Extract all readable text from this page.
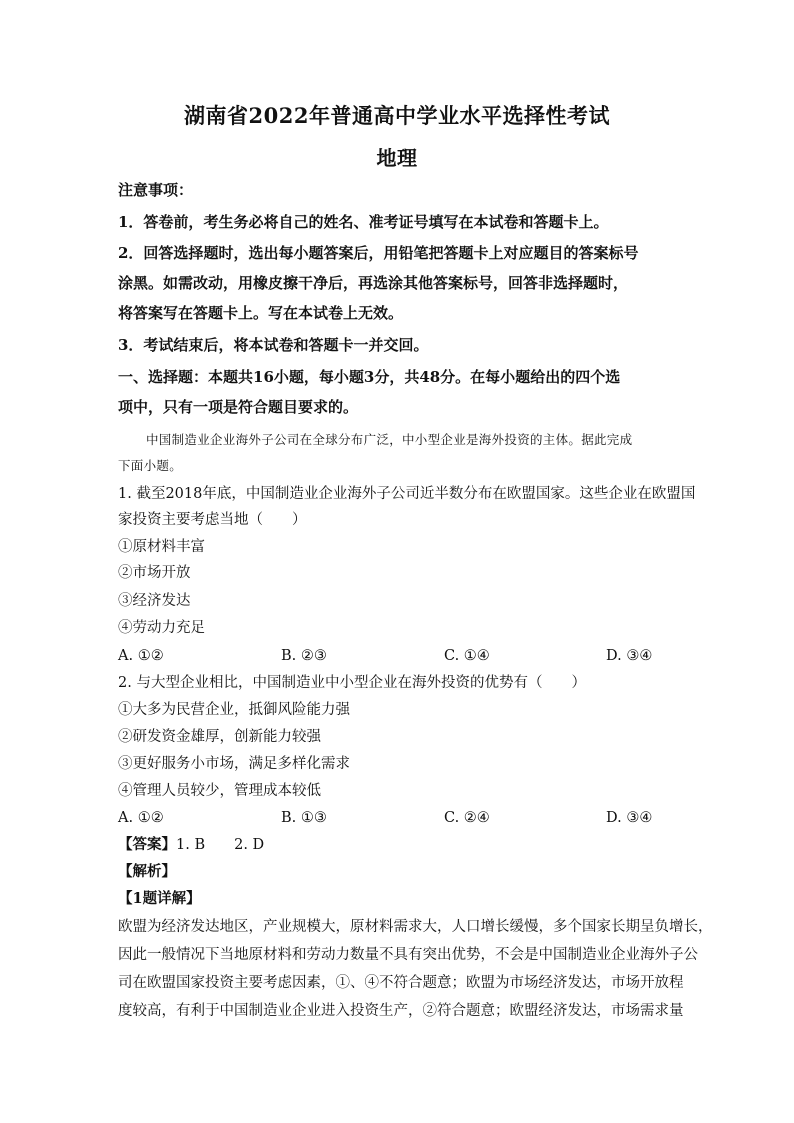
湖南省2022年普通高中学业水平选择性考试
地理
注意事项：
1．答卷前，考生务必将自己的姓名、准考证号填写在本试卷和答题卡上。
2．回答选择题时，选出每小题答案后，用铅笔把答题卡上对应题目的答案标号
涂黑。如需改动，用橡皮擦干净后，再选涂其他答案标号，回答非选择题时，
将答案写在答题卡上。写在本试卷上无效。
3．考试结束后，将本试卷和答题卡一并交回。
一、选择题：本题共16小题，每小题3分，共48分。在每小题给出的四个选
项中，只有一项是符合题目要求的。
中国制造业企业海外子公司在全球分布广泛，中小型企业是海外投资的主体。据此完成
下面小题。
1. 截至2018年底，中国制造业企业海外子公司近半数分布在欧盟国家。这些企业在欧盟国
家投资主要考虑当地（　　）
①原材料丰富
②市场开放
③经济发达
④劳动力充足
A. ①②	B. ②③	C. ①④	D. ③④
2. 与大型企业相比，中国制造业中小型企业在海外投资的优势有（　　）
①大多为民营企业，抵御风险能力强
②研发资金雄厚，创新能力较强
③更好服务小市场，满足多样化需求
④管理人员较少，管理成本较低
A. ①②	B. ①③	C. ②④	D. ③④
【答案】1. B　　2. D
【解析】
【1题详解】
欧盟为经济发达地区，产业规模大，原材料需求大，人口增长缓慢，多个国家长期呈负增长，
因此一般情况下当地原材料和劳动力数量不具有突出优势，不会是中国制造业企业海外子公
司在欧盟国家投资主要考虑因素，①、④不符合题意；欧盟为市场经济发达，市场开放程
度较高，有利于中国制造业企业进入投资生产，②符合题意；欧盟经济发达，市场需求量
